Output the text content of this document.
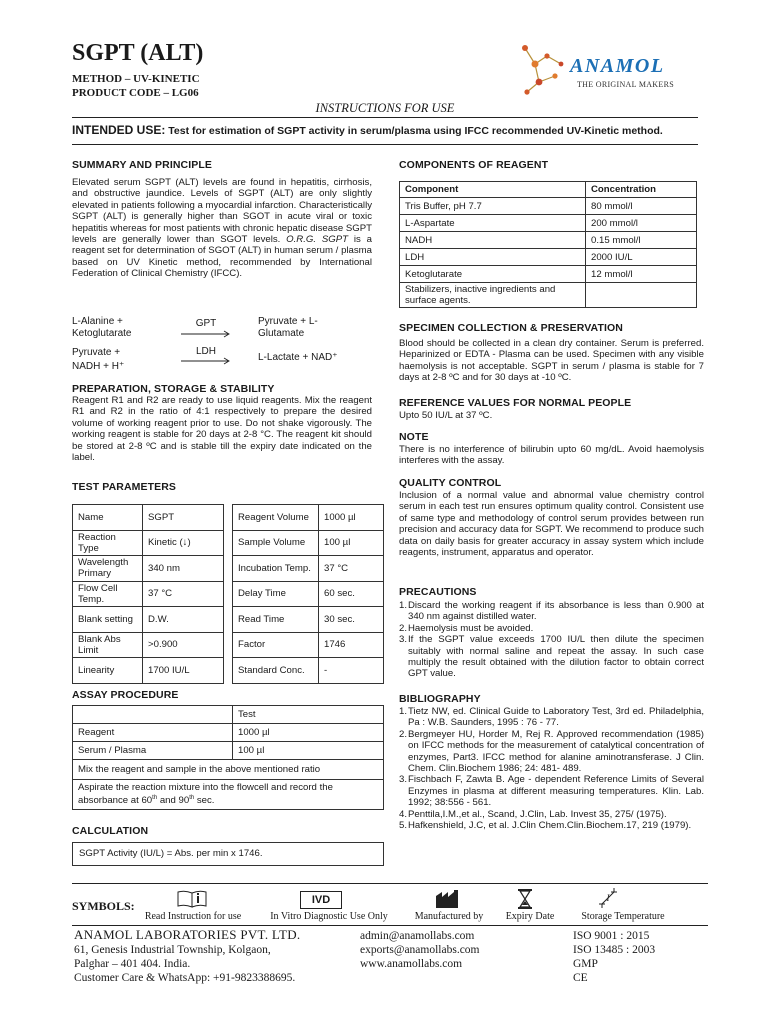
SGPT (ALT)
METHOD – UV-KINETIC
PRODUCT CODE – LG06
ANAMOL
THE ORIGINAL MAKERS
INSTRUCTIONS FOR USE
INTENDED USE: Test for estimation of SGPT activity in serum/plasma using IFCC recommended UV-Kinetic method.
SUMMARY AND PRINCIPLE
Elevated serum SGPT (ALT) levels are found in hepatitis, cirrhosis, and obstructive jaundice. Levels of SGPT (ALT) are only slightly elevated in patients following a myocardial infarction. Characteristically SGPT (ALT) is generally higher than SGOT in acute viral or toxic hepatitis whereas for most patients with chronic hepatic disease SGPT levels are generally lower than SGOT levels. O.R.G. SGPT is a reagent set for determination of SGOT (ALT) in human serum / plasma based on UV Kinetic method, recommended by International Federation of Clinical Chemistry (IFCC).
L-Alanine + Ketoglutarate
GPT	Pyruvate + L-Glutamate
Pyruvate +
NADH + H⁺
LDH
L-Lactate + NAD⁺
PREPARATION, STORAGE & STABILITY
Reagent R1 and R2 are ready to use liquid reagents. Mix the reagent R1 and R2 in the ratio of 4:1 respectively to prepare the desired volume of working reagent prior to use. Do not shake vigorously. The working reagent is stable for 20 days at 2-8 °C. The reagent kit should be stored at 2-8 ºC and is stable till the expiry date indicated on the label.
TEST PARAMETERS
Name	SGPT
Reaction Type	Kinetic (↓)
Wavelength Primary	340 nm
Flow Cell Temp.	37 °C
Blank setting	D.W.
Blank Abs Limit	>0.900
Linearity	1700 IU/L
Reagent Volume	1000 µl
Sample Volume	100 µl
Incubation Temp.	37 °C
Delay Time	60 sec.
Read Time	30 sec.
Factor	1746
Standard Conc.	-
ASSAY PROCEDURE
	Test
Reagent	1000 µl
Serum / Plasma	100 µl
Mix the reagent and sample in the above mentioned ratio	
Aspirate the reaction mixture into the flowcell and record the absorbance at 60th and 90th sec.	
CALCULATION
SGPT Activity (IU/L) = Abs. per min x 1746.
COMPONENTS OF REAGENT
Component	Concentration
Tris Buffer, pH 7.7	80 mmol/l
L-Aspartate	200 mmol/l
NADH	0.15 mmol/l
LDH	2000 IU/L
Ketoglutarate	12 mmol/l
Stabilizers, inactive ingredients and surface agents.	
SPECIMEN COLLECTION & PRESERVATION
Blood should be collected in a clean dry container. Serum is preferred. Heparinized or EDTA - Plasma can be used. Specimen with any visible haemolysis is not acceptable. SGPT in serum / plasma is stable for 7 days at 2-8 ºC and for 30 days at -10 ºC.
REFERENCE VALUES FOR NORMAL PEOPLE
Upto 50 IU/L at 37 ºC.
NOTE
There is no interference of bilirubin upto 60 mg/dL. Avoid haemolysis interferes with the assay.
QUALITY CONTROL
Inclusion of a normal value and abnormal value chemistry control serum in each test run ensures optimum quality control. Consistent use of same type and methodology of control serum provides between run precision and accuracy data for SGPT. We recommend to produce such data on daily basis for greater accuracy in assay system which include reagents, instrument, apparatus and operator.
PRECAUTIONS
1. Discard the working reagent if its absorbance is less than 0.900 at 340 nm against distilled water.
2. Haemolysis must be avoided.
3. If the SGPT value exceeds 1700 IU/L then dilute the specimen suitably with normal saline and repeat the assay. In such case multiply the result obtained with the dilution factor to obtain correct GPT value.
BIBLIOGRAPHY
1. Tietz NW, ed. Clinical Guide to Laboratory Test, 3rd ed. Philadelphia, Pa : W.B. Saunders, 1995 : 76 - 77.
2. Bergmeyer HU, Horder M, Rej R. Approved recommendation (1985) on IFCC methods for the measurement of catalytical concentration of enzymes, Part3. IFCC method for alanine aminotransferase. J Clin. Chem. Clin.Biochem 1986; 24: 481- 489.
3. Fischbach F, Zawta B. Age - dependent Reference Limits of Several Enzymes in plasma at different measuring temperatures. Klin. Lab. 1992; 38:556 - 561.
4. Penttila,I.M.,et al., Scand, J.Clin, Lab. Invest 35, 275/ (1975).
5. Hafkenshield, J.C, et al. J.Clin Chem.Clin.Biochem.17, 219 (1979).
SYMBOLS:	IVD	I
Read Instruction for use	In Vitro Diagnostic Use Only	Manufactured by	Expiry Date	Storage Temperature
ANAMOL LABORATORIES PVT. LTD.
61, Genesis Industrial Township, Kolgaon,
Palghar – 401 404. India.
Customer Care & WhatsApp: +91-9823388695.
admin@anamollabs.com
exports@anamollabs.com
www.anamollabs.com
ISO 9001 : 2015
ISO 13485 : 2003
GMP
CE
